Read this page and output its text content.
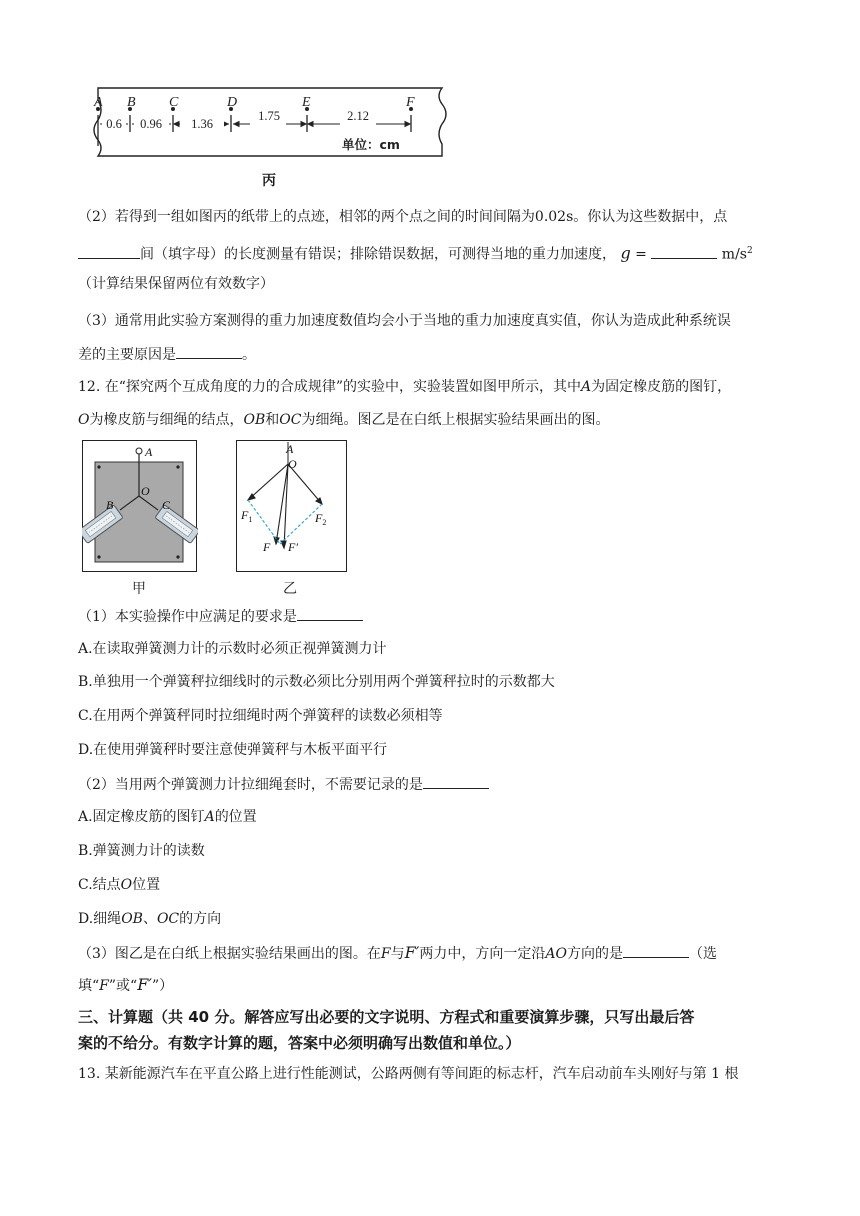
A B C	D	E	F
0.6 0.96 1.36
1.75	2.12
单位：cm
丙
（2）若得到一组如图丙的纸带上的点迹，相邻的两个点之间的时间间隔为0.02s。你认为这些数据中，点
间（填字母）的长度测量有错误；排除错误数据，可测得当地的重力加速度， g =	$m/s^2$
（计算结果保留两位有效数字）
（3）通常用此实验方案测得的重力加速度数值均会小于当地的重力加速度真实值，你认为造成此种系统误
差的主要原因是	。
12. 在“探究两个互成角度的力的合成规律”的实验中，实验装置如图甲所示，其中A为固定橡皮筋的图钉，
O为橡皮筋与细绳的结点，OB和OC为细绳。图乙是在白纸上根据实验结果画出的图。
A
O
B	C
甲
A
O
$F_1$	$F_2$
F F′
乙
（1）本实验操作中应满足的要求是
A.在读取弹簧测力计的示数时必须正视弹簧测力计
B.单独用一个弹簧秤拉细线时的示数必须比分别用两个弹簧秤拉时的示数都大
C.在用两个弹簧秤同时拉细绳时两个弹簧秤的读数必须相等
D.在使用弹簧秤时要注意使弹簧秤与木板平面平行
（2）当用两个弹簧测力计拉细绳套时，不需要记录的是
A.固定橡皮筋的图钉A的位置
B.弹簧测力计的读数
C.结点O位置
D.细绳OB、OC的方向
（3）图乙是在白纸上根据实验结果画出的图。在F与F′两力中，方向一定沿AO方向的是	（选
填“F”或“F′”）
三、计算题（共 40 分。解答应写出必要的文字说明、方程式和重要演算步骤，只写出最后答
案的不给分。有数字计算的题，答案中必须明确写出数值和单位。）
13. 某新能源汽车在平直公路上进行性能测试，公路两侧有等间距的标志杆，汽车启动前车头刚好与第 1 根
